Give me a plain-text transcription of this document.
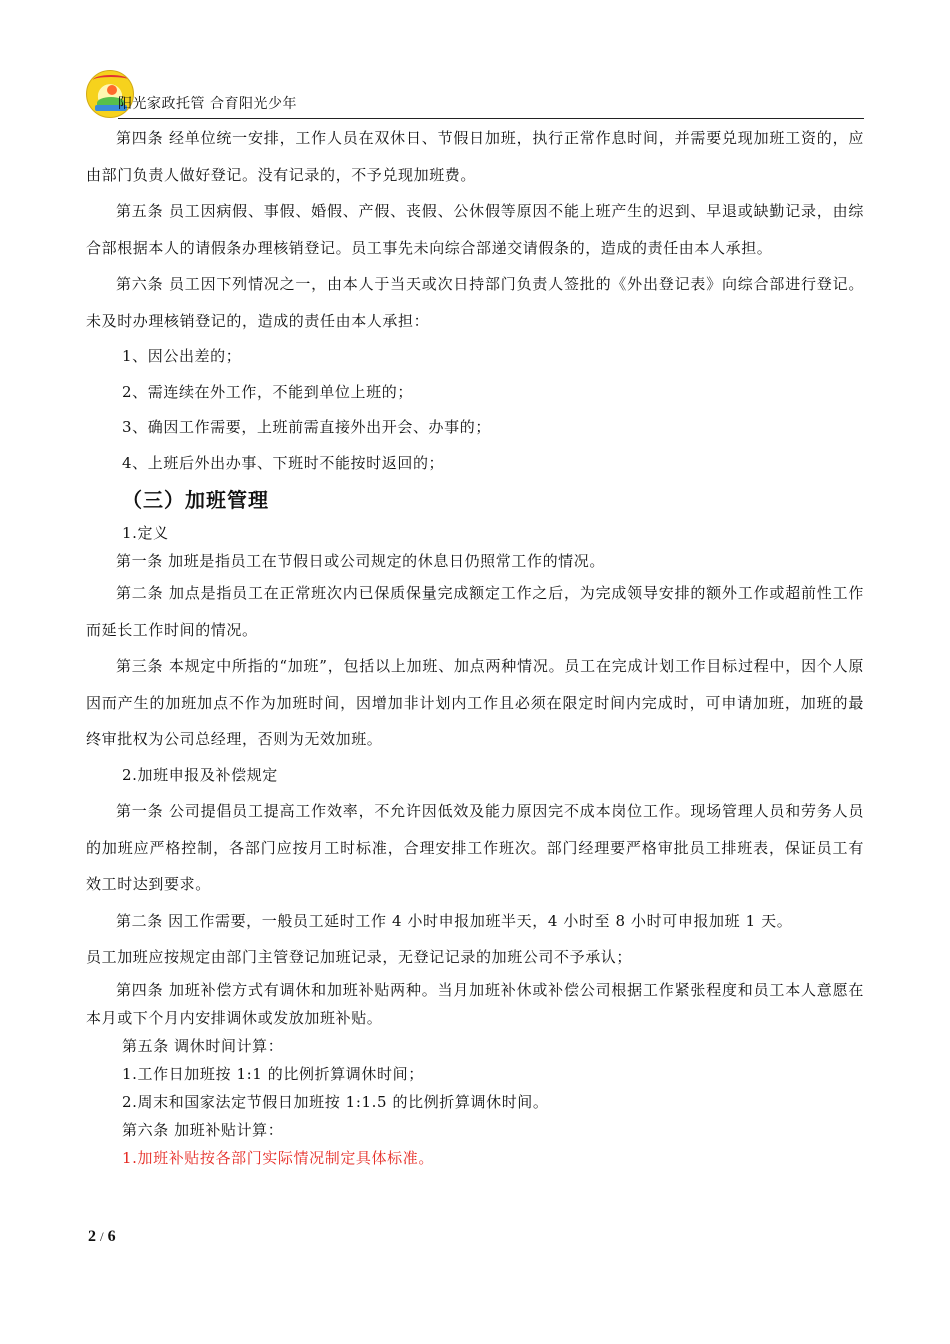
阳光家政托管 合育阳光少年

第四条 经单位统一安排，工作人员在双休日、节假日加班，执行正常作息时间，并需要兑现加班工资的，应由部门负责人做好登记。没有记录的，不予兑现加班费。

第五条 员工因病假、事假、婚假、产假、丧假、公休假等原因不能上班产生的迟到、早退或缺勤记录，由综合部根据本人的请假条办理核销登记。员工事先未向综合部递交请假条的，造成的责任由本人承担。

第六条 员工因下列情况之一，由本人于当天或次日持部门负责人签批的《外出登记表》向综合部进行登记。未及时办理核销登记的，造成的责任由本人承担：

1、因公出差的；

2、需连续在外工作，不能到单位上班的；

3、确因工作需要，上班前需直接外出开会、办事的；

4、上班后外出办事、下班时不能按时返回的；

（三）加班管理

1.定义

第一条 加班是指员工在节假日或公司规定的休息日仍照常工作的情况。

第二条 加点是指员工在正常班次内已保质保量完成额定工作之后，为完成领导安排的额外工作或超前性工作而延长工作时间的情况。

第三条 本规定中所指的“加班”，包括以上加班、加点两种情况。员工在完成计划工作目标过程中，因个人原因而产生的加班加点不作为加班时间，因增加非计划内工作且必须在限定时间内完成时，可申请加班，加班的最终审批权为公司总经理，否则为无效加班。

2.加班申报及补偿规定

第一条 公司提倡员工提高工作效率，不允许因低效及能力原因完不成本岗位工作。现场管理人员和劳务人员的加班应严格控制，各部门应按月工时标准，合理安排工作班次。部门经理要严格审批员工排班表，保证员工有效工时达到要求。

第二条 因工作需要，一般员工延时工作 4 小时申报加班半天，4 小时至 8 小时可申报加班 1 天。

员工加班应按规定由部门主管登记加班记录，无登记记录的加班公司不予承认；

第四条 加班补偿方式有调休和加班补贴两种。当月加班补休或补偿公司根据工作紧张程度和员工本人意愿在本月或下个月内安排调休或发放加班补贴。

第五条 调休时间计算：

1.工作日加班按 1:1 的比例折算调休时间；

2.周末和国家法定节假日加班按 1:1.5 的比例折算调休时间。

第六条 加班补贴计算：

1.加班补贴按各部门实际情况制定具体标准。

2 / 6
